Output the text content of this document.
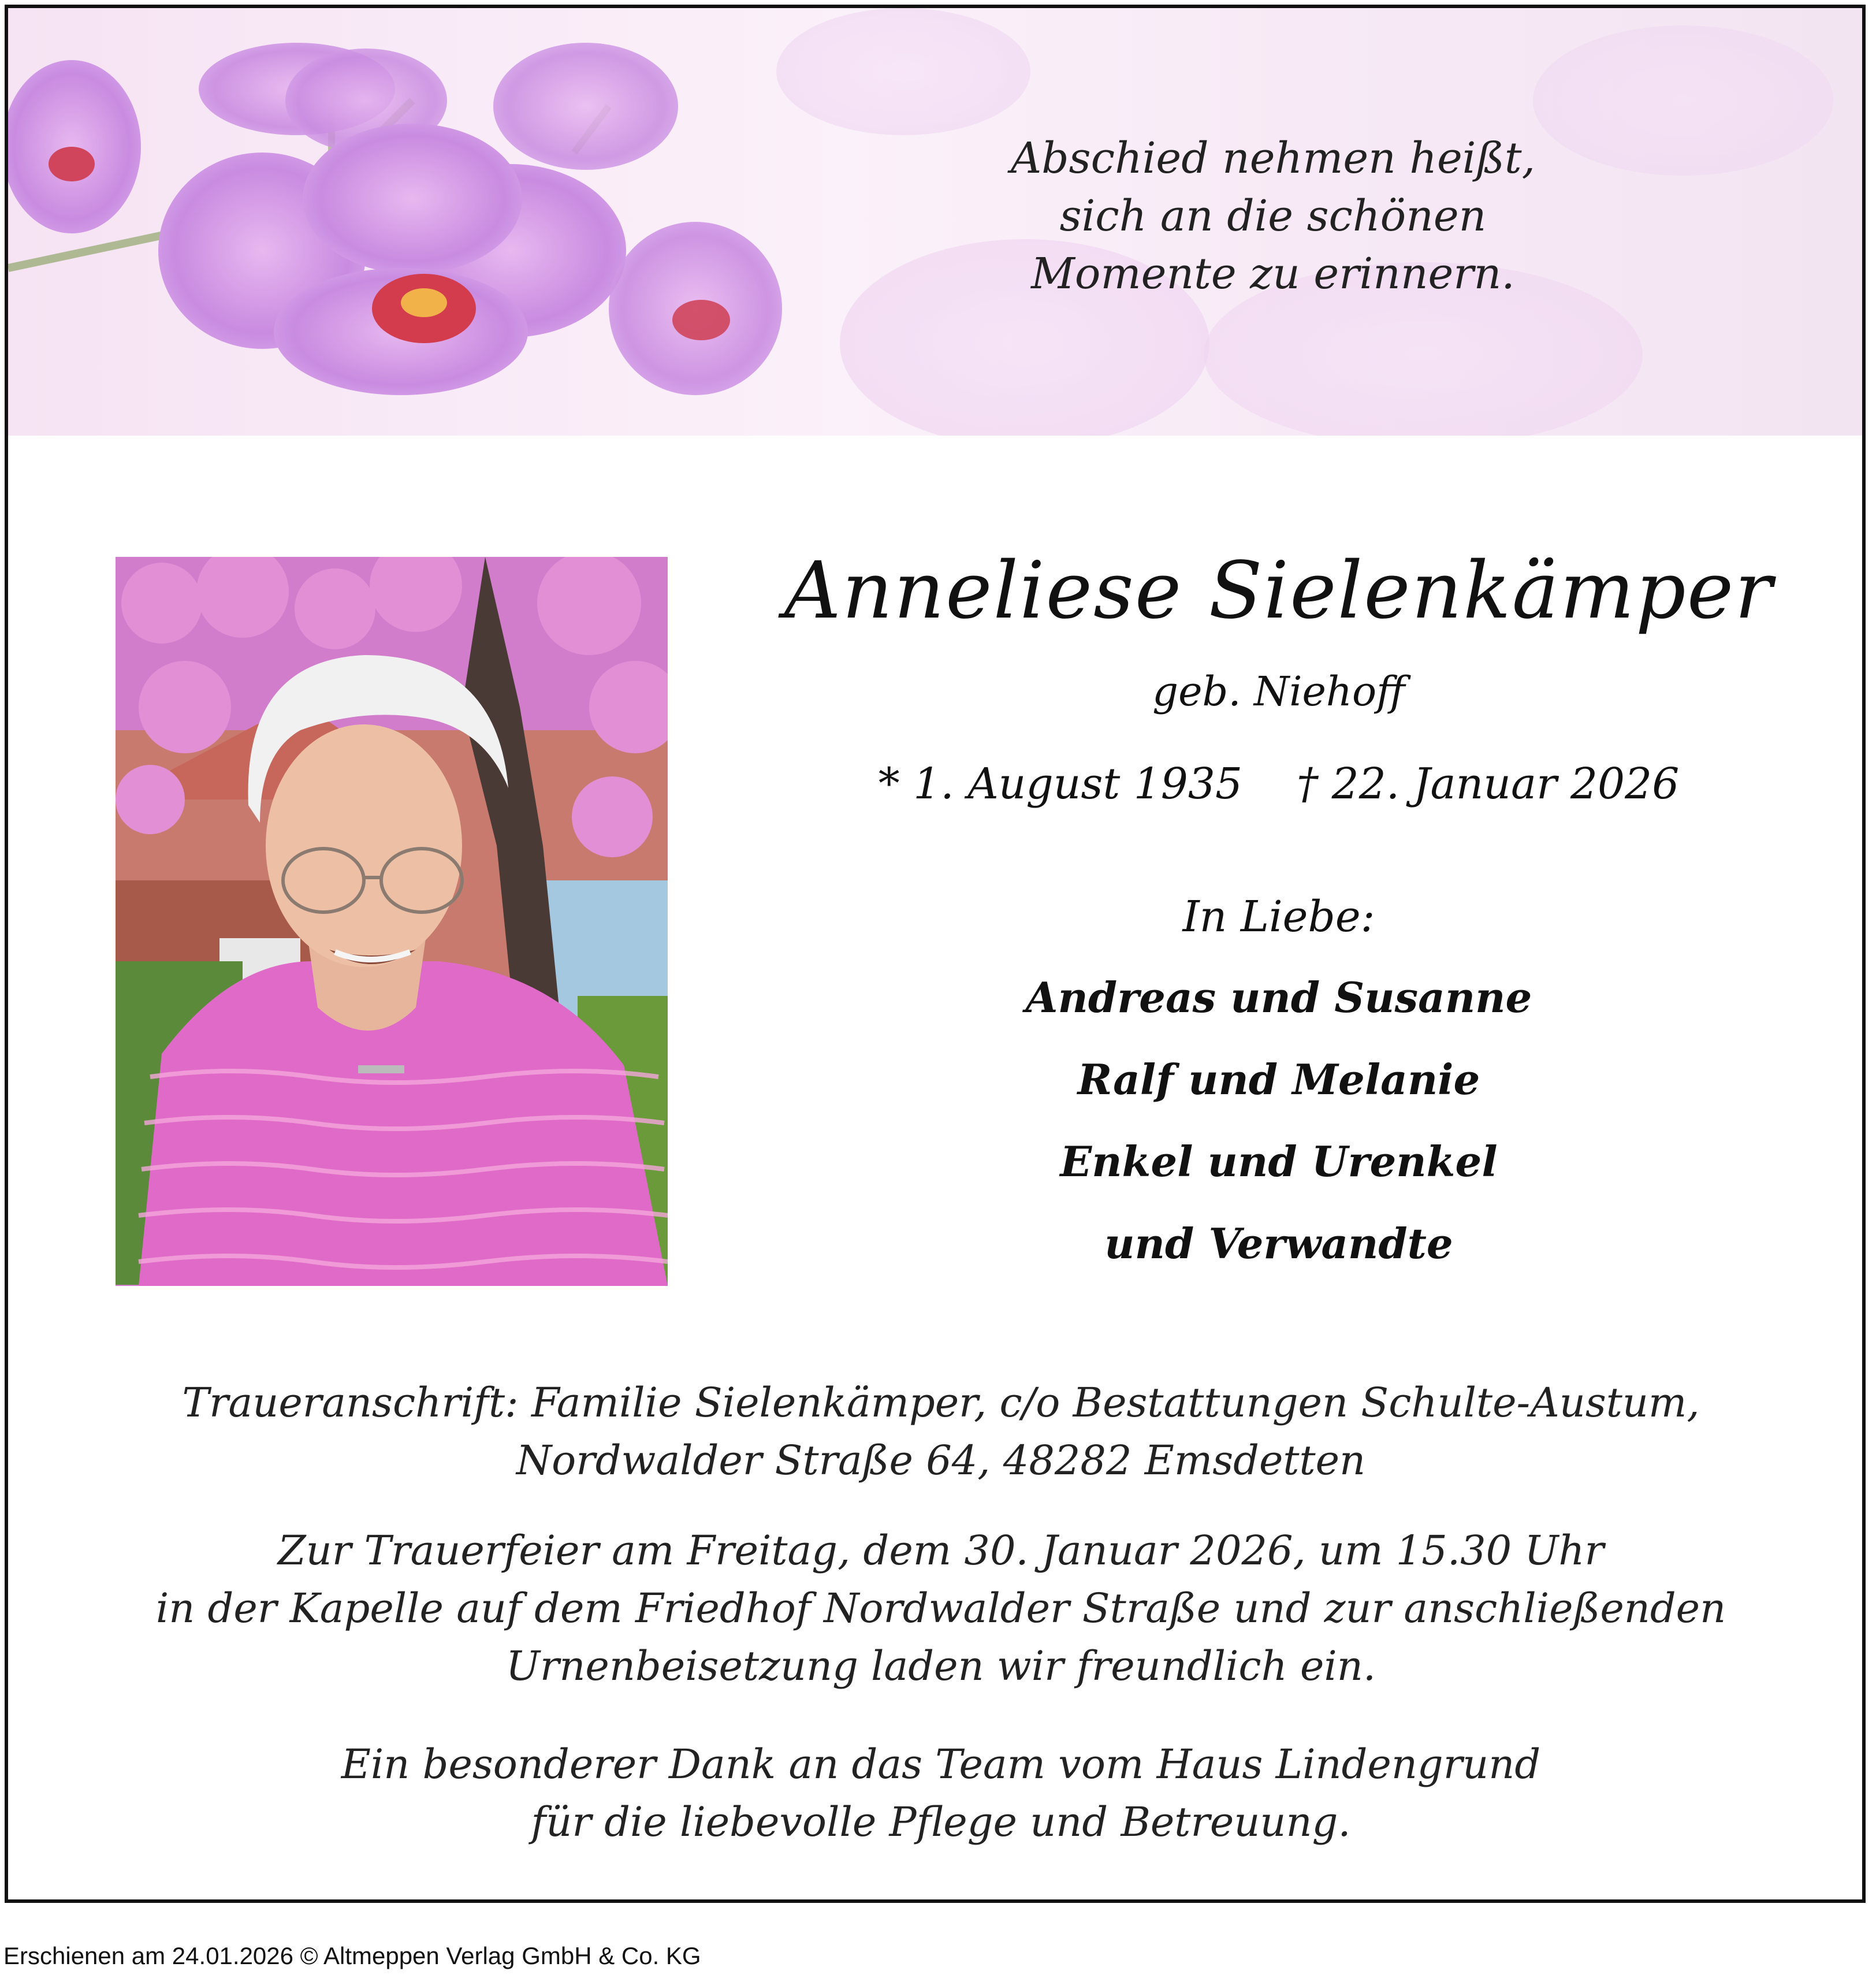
Abschied nehmen heißt,
sich an die schönen
Momente zu erinnern.
Anneliese Sielenkämper
geb. Niehoff
* 1. August 1935 † 22. Januar 2026
In Liebe:
Andreas und Susanne
Ralf und Melanie
Enkel und Urenkel
und Verwandte
Traueranschrift: Familie Sielenkämper, c/o Bestattungen Schulte-Austum,
Nordwalder Straße 64, 48282 Emsdetten
Zur Trauerfeier am Freitag, dem 30. Januar 2026, um 15.30 Uhr
in der Kapelle auf dem Friedhof Nordwalder Straße und zur anschließenden
Urnenbeisetzung laden wir freundlich ein.
Ein besonderer Dank an das Team vom Haus Lindengrund
für die liebevolle Pflege und Betreuung.
Erschienen am 24.01.2026 © Altmeppen Verlag GmbH & Co. KG
